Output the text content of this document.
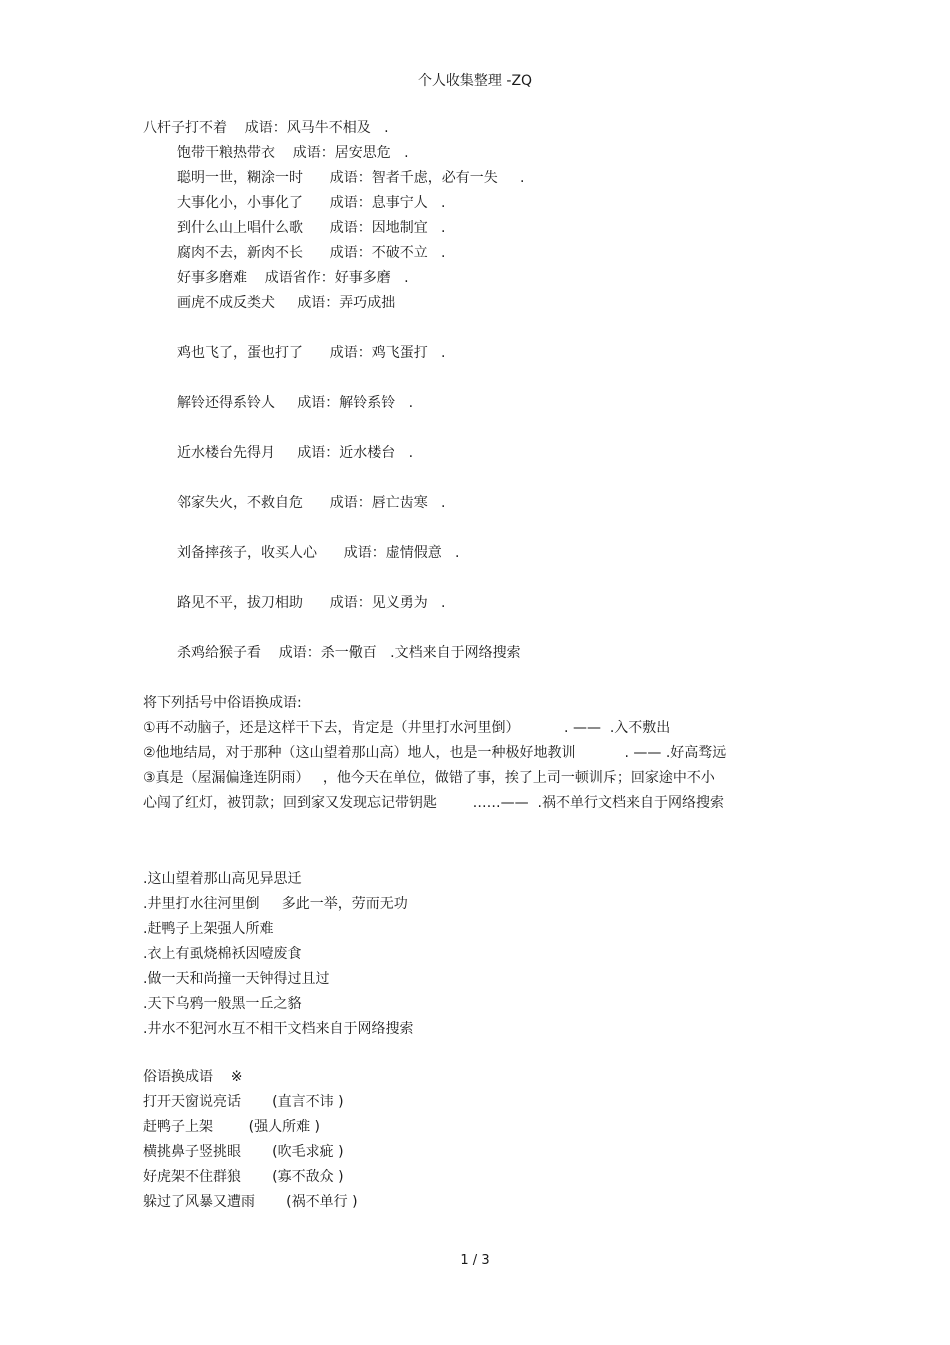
个人收集整理 -ZQ
八杆子打不着    成语：风马牛不相及   .
饱带干粮热带衣    成语：居安思危   .
聪明一世，糊涂一时      成语：智者千虑，必有一失     .
大事化小，小事化了      成语：息事宁人   .
到什么山上唱什么歌      成语：因地制宜   .
腐肉不去，新肉不长      成语：不破不立   .
好事多磨难    成语省作：好事多磨   .
画虎不成反类犬     成语：弄巧成拙
鸡也飞了，蛋也打了      成语：鸡飞蛋打   .
解铃还得系铃人     成语：解铃系铃   .
近水楼台先得月     成语：近水楼台   .
邻家失火，不救自危      成语：唇亡齿寒   .
刘备摔孩子，收买人心      成语：虚情假意   .
路见不平，拔刀相助      成语：见义勇为   .
杀鸡给猴子看    成语：杀一儆百   .文档来自于网络搜索
将下列括号中俗语换成语:
①再不动脑子，还是这样干下去，肯定是（井里打水河里倒）          . ——  .入不敷出
②他地结局，对于那种（这山望着那山高）地人，也是一种极好地教训           . —— .好高骛远
③真是（屋漏偏逢连阴雨）   ，他今天在单位，做错了事，挨了上司一顿训斥；回家途中不小
心闯了红灯，被罚款；回到家又发现忘记带钥匙        ……——  .祸不单行文档来自于网络搜索
.这山望着那山高见异思迁
.井里打水往河里倒     多此一举，劳而无功
.赶鸭子上架强人所难
.衣上有虱烧棉袄因噎废食
.做一天和尚撞一天钟得过且过
.天下乌鸦一般黑一丘之貉
.井水不犯河水互不相干文档来自于网络搜索
俗语换成语    ※
打开天窗说亮话       (直言不讳 )
赶鸭子上架        (强人所难 )
横挑鼻子竖挑眼       (吹毛求疵 )
好虎架不住群狼       (寡不敌众 )
躲过了风暴又遭雨       (祸不单行 )
1 / 3
